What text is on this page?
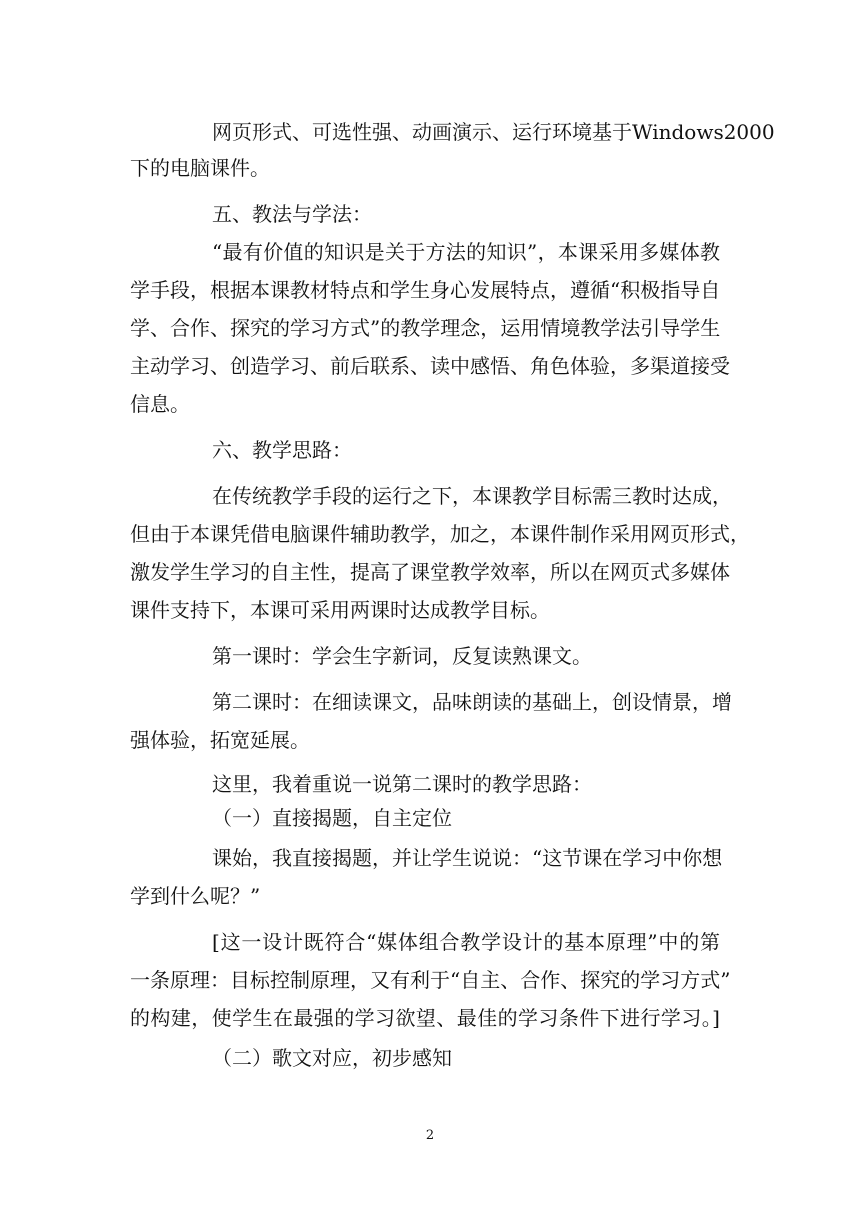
网页形式、可选性强、动画演示、运行环境基于Windows2000
下的电脑课件。
五、教法与学法：
“最有价值的知识是关于方法的知识”，本课采用多媒体教
学手段，根据本课教材特点和学生身心发展特点，遵循“积极指导自
学、合作、探究的学习方式”的教学理念，运用情境教学法引导学生
主动学习、创造学习、前后联系、读中感悟、角色体验，多渠道接受
信息。
六、教学思路：
在传统教学手段的运行之下，本课教学目标需三教时达成，
但由于本课凭借电脑课件辅助教学，加之，本课件制作采用网页形式，
激发学生学习的自主性，提高了课堂教学效率，所以在网页式多媒体
课件支持下，本课可采用两课时达成教学目标。
第一课时：学会生字新词，反复读熟课文。
第二课时：在细读课文，品味朗读的基础上，创设情景，增
强体验，拓宽延展。
这里，我着重说一说第二课时的教学思路：
（一）直接揭题，自主定位
课始，我直接揭题，并让学生说说：“这节课在学习中你想
学到什么呢？”
[这一设计既符合“媒体组合教学设计的基本原理”中的第
一条原理：目标控制原理，又有利于“自主、合作、探究的学习方式”
的构建，使学生在最强的学习欲望、最佳的学习条件下进行学习。]
（二）歌文对应，初步感知
2
